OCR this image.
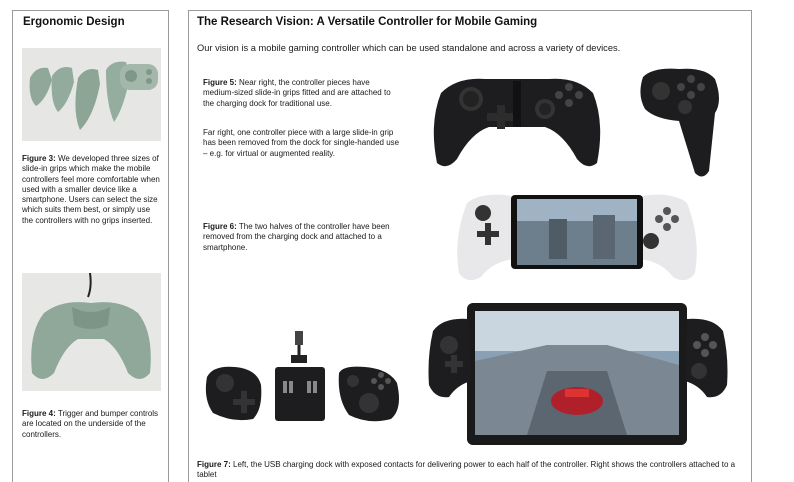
Ergonomic Design
Figure 3: We developed three sizes of slide-in grips which make the mobile controllers feel more comfortable when used with a smaller device like a smartphone. Users can select the size which suits them best, or simply use the controllers with no grips inserted.
Figure 4: Trigger and bumper controls are located on the underside of the controllers.
The Research Vision: A Versatile Controller for Mobile Gaming
Our vision is a mobile gaming controller which can be used standalone and across a variety of devices.
Figure 5: Near right, the controller pieces have medium-sized slide-in grips fitted and are attached to the charging dock for traditional use.
Far right, one controller piece with a large slide-in grip has been removed from the dock for single-handed use – e.g. for virtual or augmented reality.
Figure 6: The two halves of the controller have been removed from the charging dock and attached to a smartphone.
Figure 7: Left, the USB charging dock with exposed contacts for delivering power to each half of the controller. Right shows the controllers attached to a tablet
